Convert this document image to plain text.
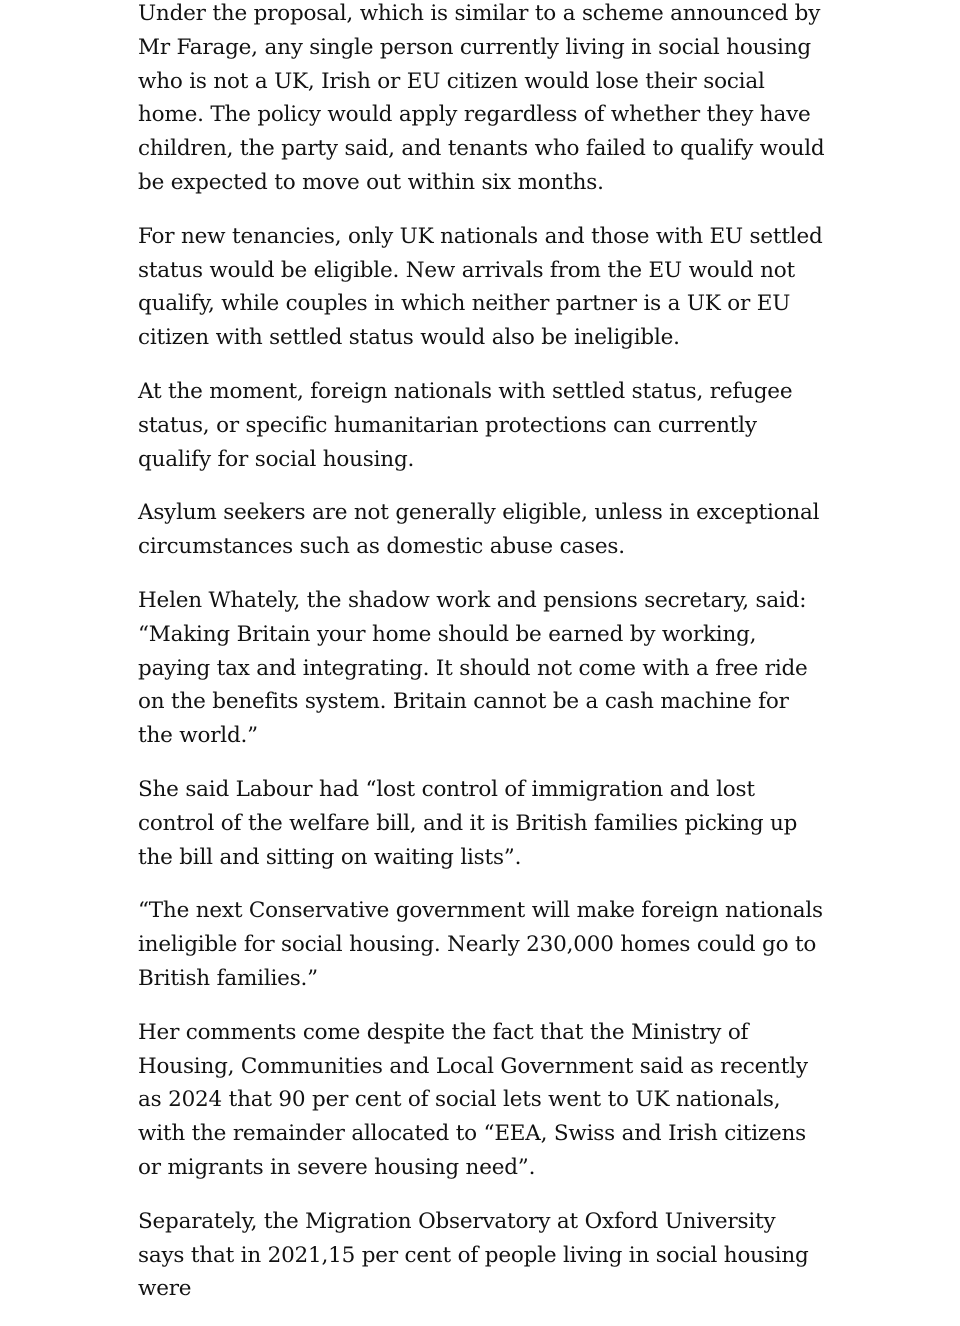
Under the proposal, which is similar to a scheme announced by Mr Farage, any single person currently living in social housing who is not a UK, Irish or EU citizen would lose their social home. The policy would apply regardless of whether they have children, the party said, and tenants who failed to qualify would be expected to move out within six months.

For new tenancies, only UK nationals and those with EU settled status would be eligible. New arrivals from the EU would not qualify, while couples in which neither partner is a UK or EU citizen with settled status would also be ineligible.

At the moment, foreign nationals with settled status, refugee status, or specific humanitarian protections can currently qualify for social housing.

Asylum seekers are not generally eligible, unless in exceptional circumstances such as domestic abuse cases.

Helen Whately, the shadow work and pensions secretary, said: “Making Britain your home should be earned by working, paying tax and integrating. It should not come with a free ride on the benefits system. Britain cannot be a cash machine for the world.”

She said Labour had “lost control of immigration and lost control of the welfare bill, and it is British families picking up the bill and sitting on waiting lists”.

“The next Conservative government will make foreign nationals ineligible for social housing. Nearly 230,000 homes could go to British families.”

Her comments come despite the fact that the Ministry of Housing, Communities and Local Government said as recently as 2024 that 90 per cent of social lets went to UK nationals, with the remainder allocated to “EEA, Swiss and Irish citizens or migrants in severe housing need”.

Separately, the Migration Observatory at Oxford University says that in 2021,15 per cent of people living in social housing were
